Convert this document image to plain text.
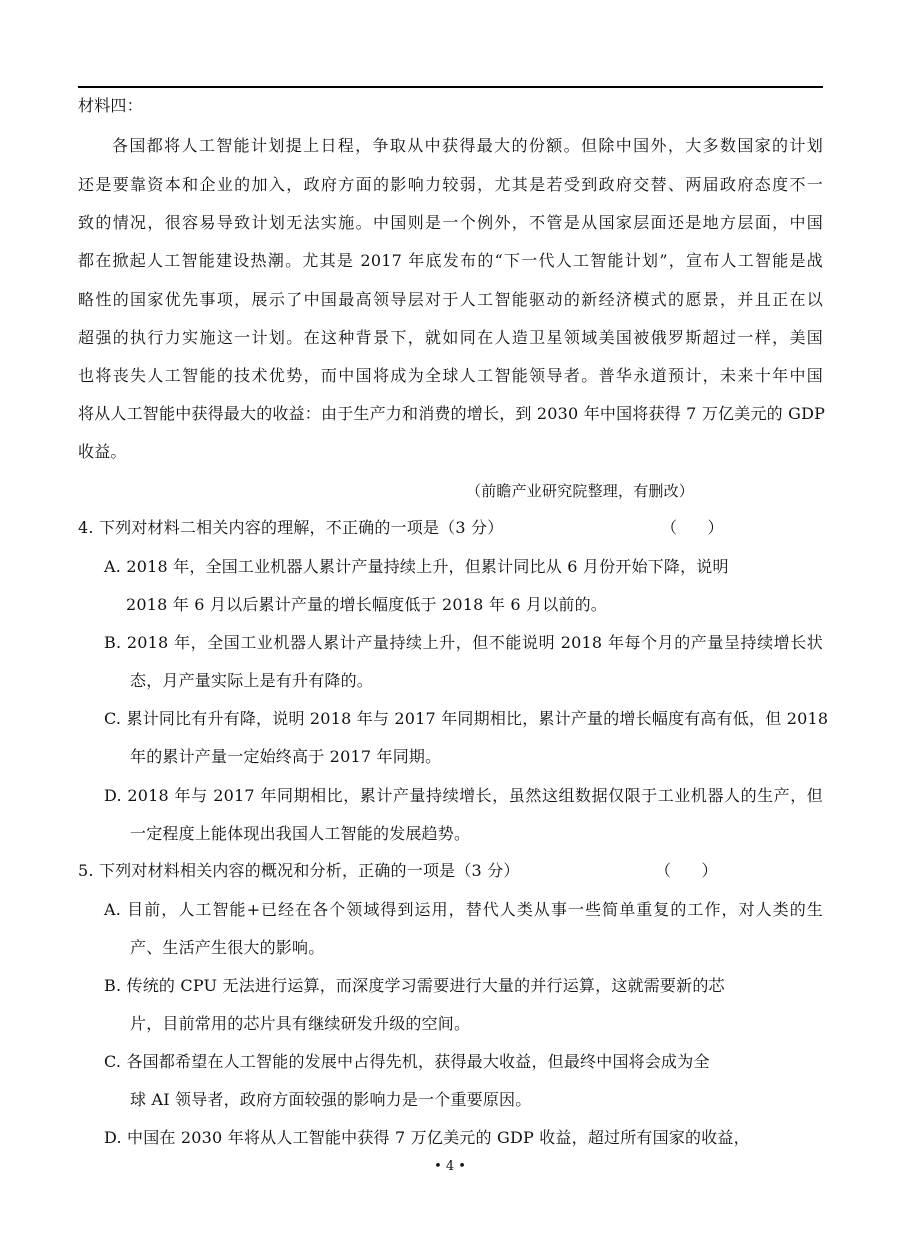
材料四：
各国都将人工智能计划提上日程，争取从中获得最大的份额。但除中国外，大多数国家的计划
还是要靠资本和企业的加入，政府方面的影响力较弱，尤其是若受到政府交替、两届政府态度不一
致的情况，很容易导致计划无法实施。中国则是一个例外，不管是从国家层面还是地方层面，中国
都在掀起人工智能建设热潮。尤其是 2017 年底发布的“下一代人工智能计划”，宣布人工智能是战
略性的国家优先事项，展示了中国最高领导层对于人工智能驱动的新经济模式的愿景，并且正在以
超强的执行力实施这一计划。在这种背景下，就如同在人造卫星领域美国被俄罗斯超过一样，美国
也将丧失人工智能的技术优势，而中国将成为全球人工智能领导者。普华永道预计，未来十年中国
将从人工智能中获得最大的收益：由于生产力和消费的增长，到 2030 年中国将获得 7 万亿美元的 GDP
收益。
（前瞻产业研究院整理，有删改）
4. 下列对材料二相关内容的理解，不正确的一项是（3 分）	（      ）
A. 2018 年，全国工业机器人累计产量持续上升，但累计同比从 6 月份开始下降，说明
2018 年 6 月以后累计产量的增长幅度低于 2018 年 6 月以前的。
B. 2018 年，全国工业机器人累计产量持续上升，但不能说明 2018 年每个月的产量呈持续增长状
态，月产量实际上是有升有降的。
C. 累计同比有升有降，说明 2018 年与 2017 年同期相比，累计产量的增长幅度有高有低，但 2018
年的累计产量一定始终高于 2017 年同期。
D. 2018 年与 2017 年同期相比，累计产量持续增长，虽然这组数据仅限于工业机器人的生产，但
一定程度上能体现出我国人工智能的发展趋势。
5. 下列对材料相关内容的概况和分析，正确的一项是（3 分）	（      ）
A. 目前，人工智能+已经在各个领域得到运用，替代人类从事一些简单重复的工作，对人类的生
产、生活产生很大的影响。
B. 传统的 CPU 无法进行运算，而深度学习需要进行大量的并行运算，这就需要新的芯
片，目前常用的芯片具有继续研发升级的空间。
C. 各国都希望在人工智能的发展中占得先机，获得最大收益，但最终中国将会成为全
球 AI 领导者，政府方面较强的影响力是一个重要原因。
D. 中国在 2030 年将从人工智能中获得 7 万亿美元的 GDP 收益，超过所有国家的收益，
• 4 •
